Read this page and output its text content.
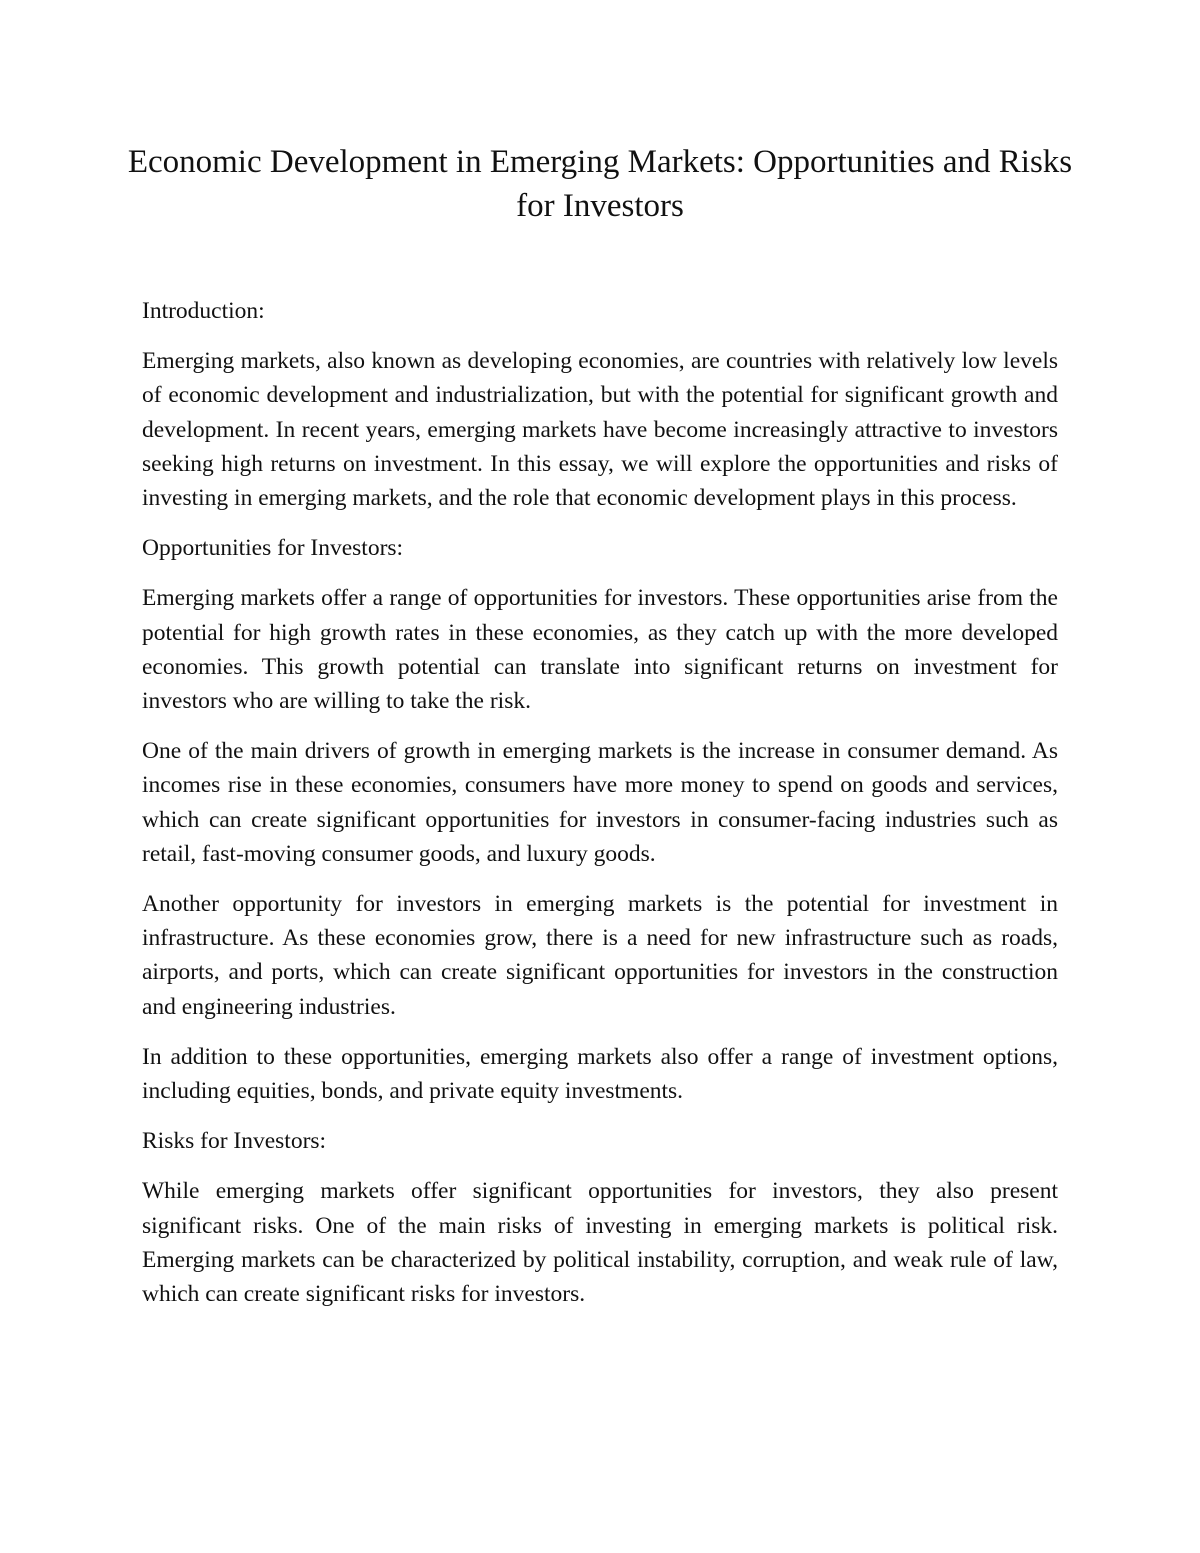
Economic Development in Emerging Markets: Opportunities and Risks for Investors

Introduction:

Emerging markets, also known as developing economies, are countries with relatively low levels of economic development and industrialization, but with the potential for significant growth and development. In recent years, emerging markets have become increasingly attractive to investors seeking high returns on investment. In this essay, we will explore the opportunities and risks of investing in emerging markets, and the role that economic development plays in this process.

Opportunities for Investors:

Emerging markets offer a range of opportunities for investors. These opportunities arise from the potential for high growth rates in these economies, as they catch up with the more developed economies. This growth potential can translate into significant returns on investment for investors who are willing to take the risk.

One of the main drivers of growth in emerging markets is the increase in consumer demand. As incomes rise in these economies, consumers have more money to spend on goods and services, which can create significant opportunities for investors in consumer-facing industries such as retail, fast-moving consumer goods, and luxury goods.

Another opportunity for investors in emerging markets is the potential for investment in infrastructure. As these economies grow, there is a need for new infrastructure such as roads, airports, and ports, which can create significant opportunities for investors in the construction and engineering industries.

In addition to these opportunities, emerging markets also offer a range of investment options, including equities, bonds, and private equity investments.

Risks for Investors:

While emerging markets offer significant opportunities for investors, they also present significant risks. One of the main risks of investing in emerging markets is political risk. Emerging markets can be characterized by political instability, corruption, and weak rule of law, which can create significant risks for investors.
